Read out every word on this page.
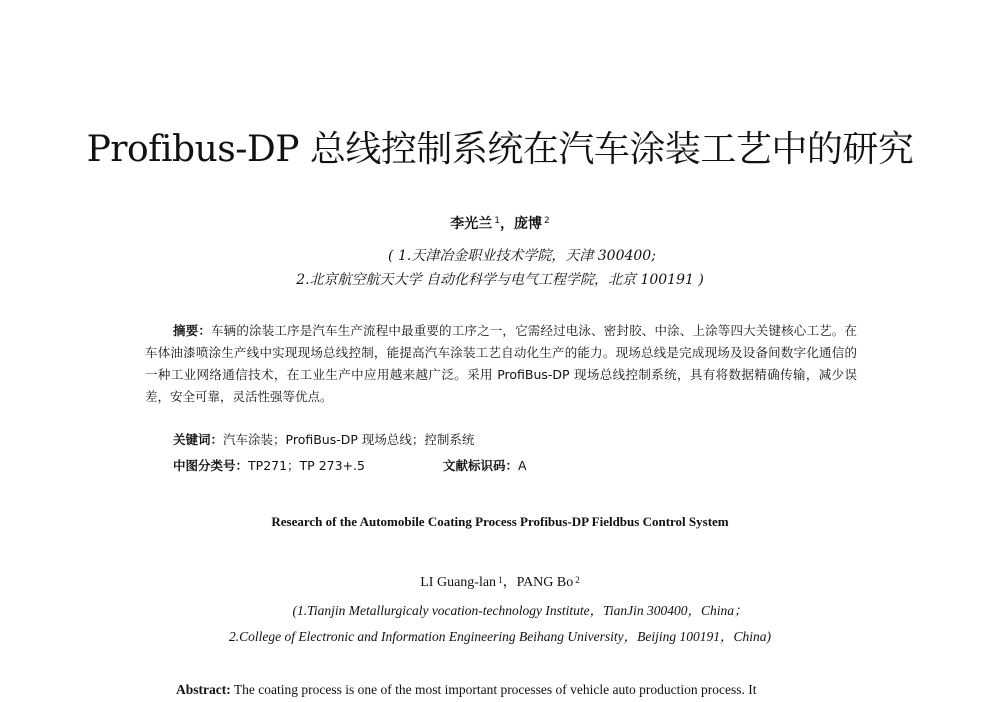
Profibus-DP 总线控制系统在汽车涂装工艺中的研究
李光兰 $^1$，庞博 $^2$
( 1.天津冶金职业技术学院，天津 300400;
2.北京航空航天大学 自动化科学与电气工程学院，北京 100191 )
摘要：车辆的涂装工序是汽车生产流程中最重要的工序之一，它需经过电泳、密封胶、中涂、上涂等四大关键核心工艺。在车体油漆喷涂生产线中实现现场总线控制，能提高汽车涂装工艺自动化生产的能力。现场总线是完成现场及设备间数字化通信的一种工业网络通信技术，在工业生产中应用越来越广泛。采用 ProfiBus-DP 现场总线控制系统，具有将数据精确传输，减少误差，安全可靠，灵活性强等优点。
关键词：汽车涂装；ProfiBus-DP 现场总线；控制系统
中图分类号：TP271；TP 273+.5	文献标识码：A
Research of the Automobile Coating Process Profibus-DP Fieldbus Control System
LI Guang-lan $^1$，PANG Bo $^2$
(1.Tianjin Metallurgicaly vocation-technology Institute，TianJin 300400，China；
2.College of Electronic and Information Engineering Beihang University，Beijing 100191，China)
Abstract: The coating process is one of the most important processes of vehicle auto production process. It
